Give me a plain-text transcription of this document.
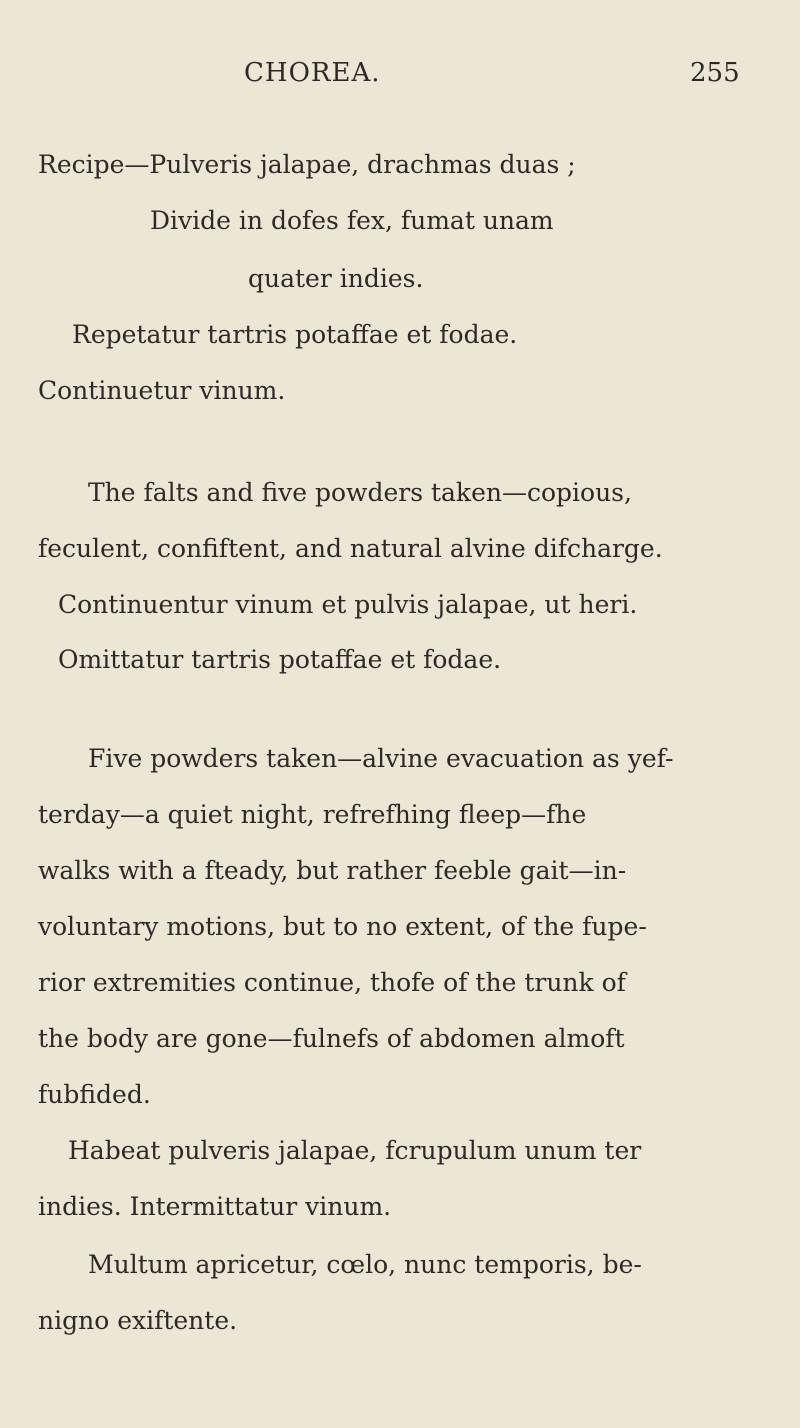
CHOREA.	255
Recipe—Pulveris jalapae, drachmas duas ;
Divide in dofes fex, fumat unam
quater indies.
Repetatur tartris potaffae et fodae.
Continuetur vinum.
The falts and five powders taken—copious,
feculent, confiftent, and natural alvine difcharge.
Continuentur vinum et pulvis jalapae, ut heri.
Omittatur tartris potaffae et fodae.
Five powders taken—alvine evacuation as yef-
terday—a quiet night, refrefhing fleep—fhe
walks with a fteady, but rather feeble gait—in-
voluntary motions, but to no extent, of the fupe-
rior extremities continue, thofe of the trunk of
the body are gone—fulnefs of abdomen almoft
fubfided.
Habeat pulveris jalapae, fcrupulum unum ter
indies. Intermittatur vinum.
Multum apricetur, cœlo, nunc temporis, be-
nigno exiftente.
